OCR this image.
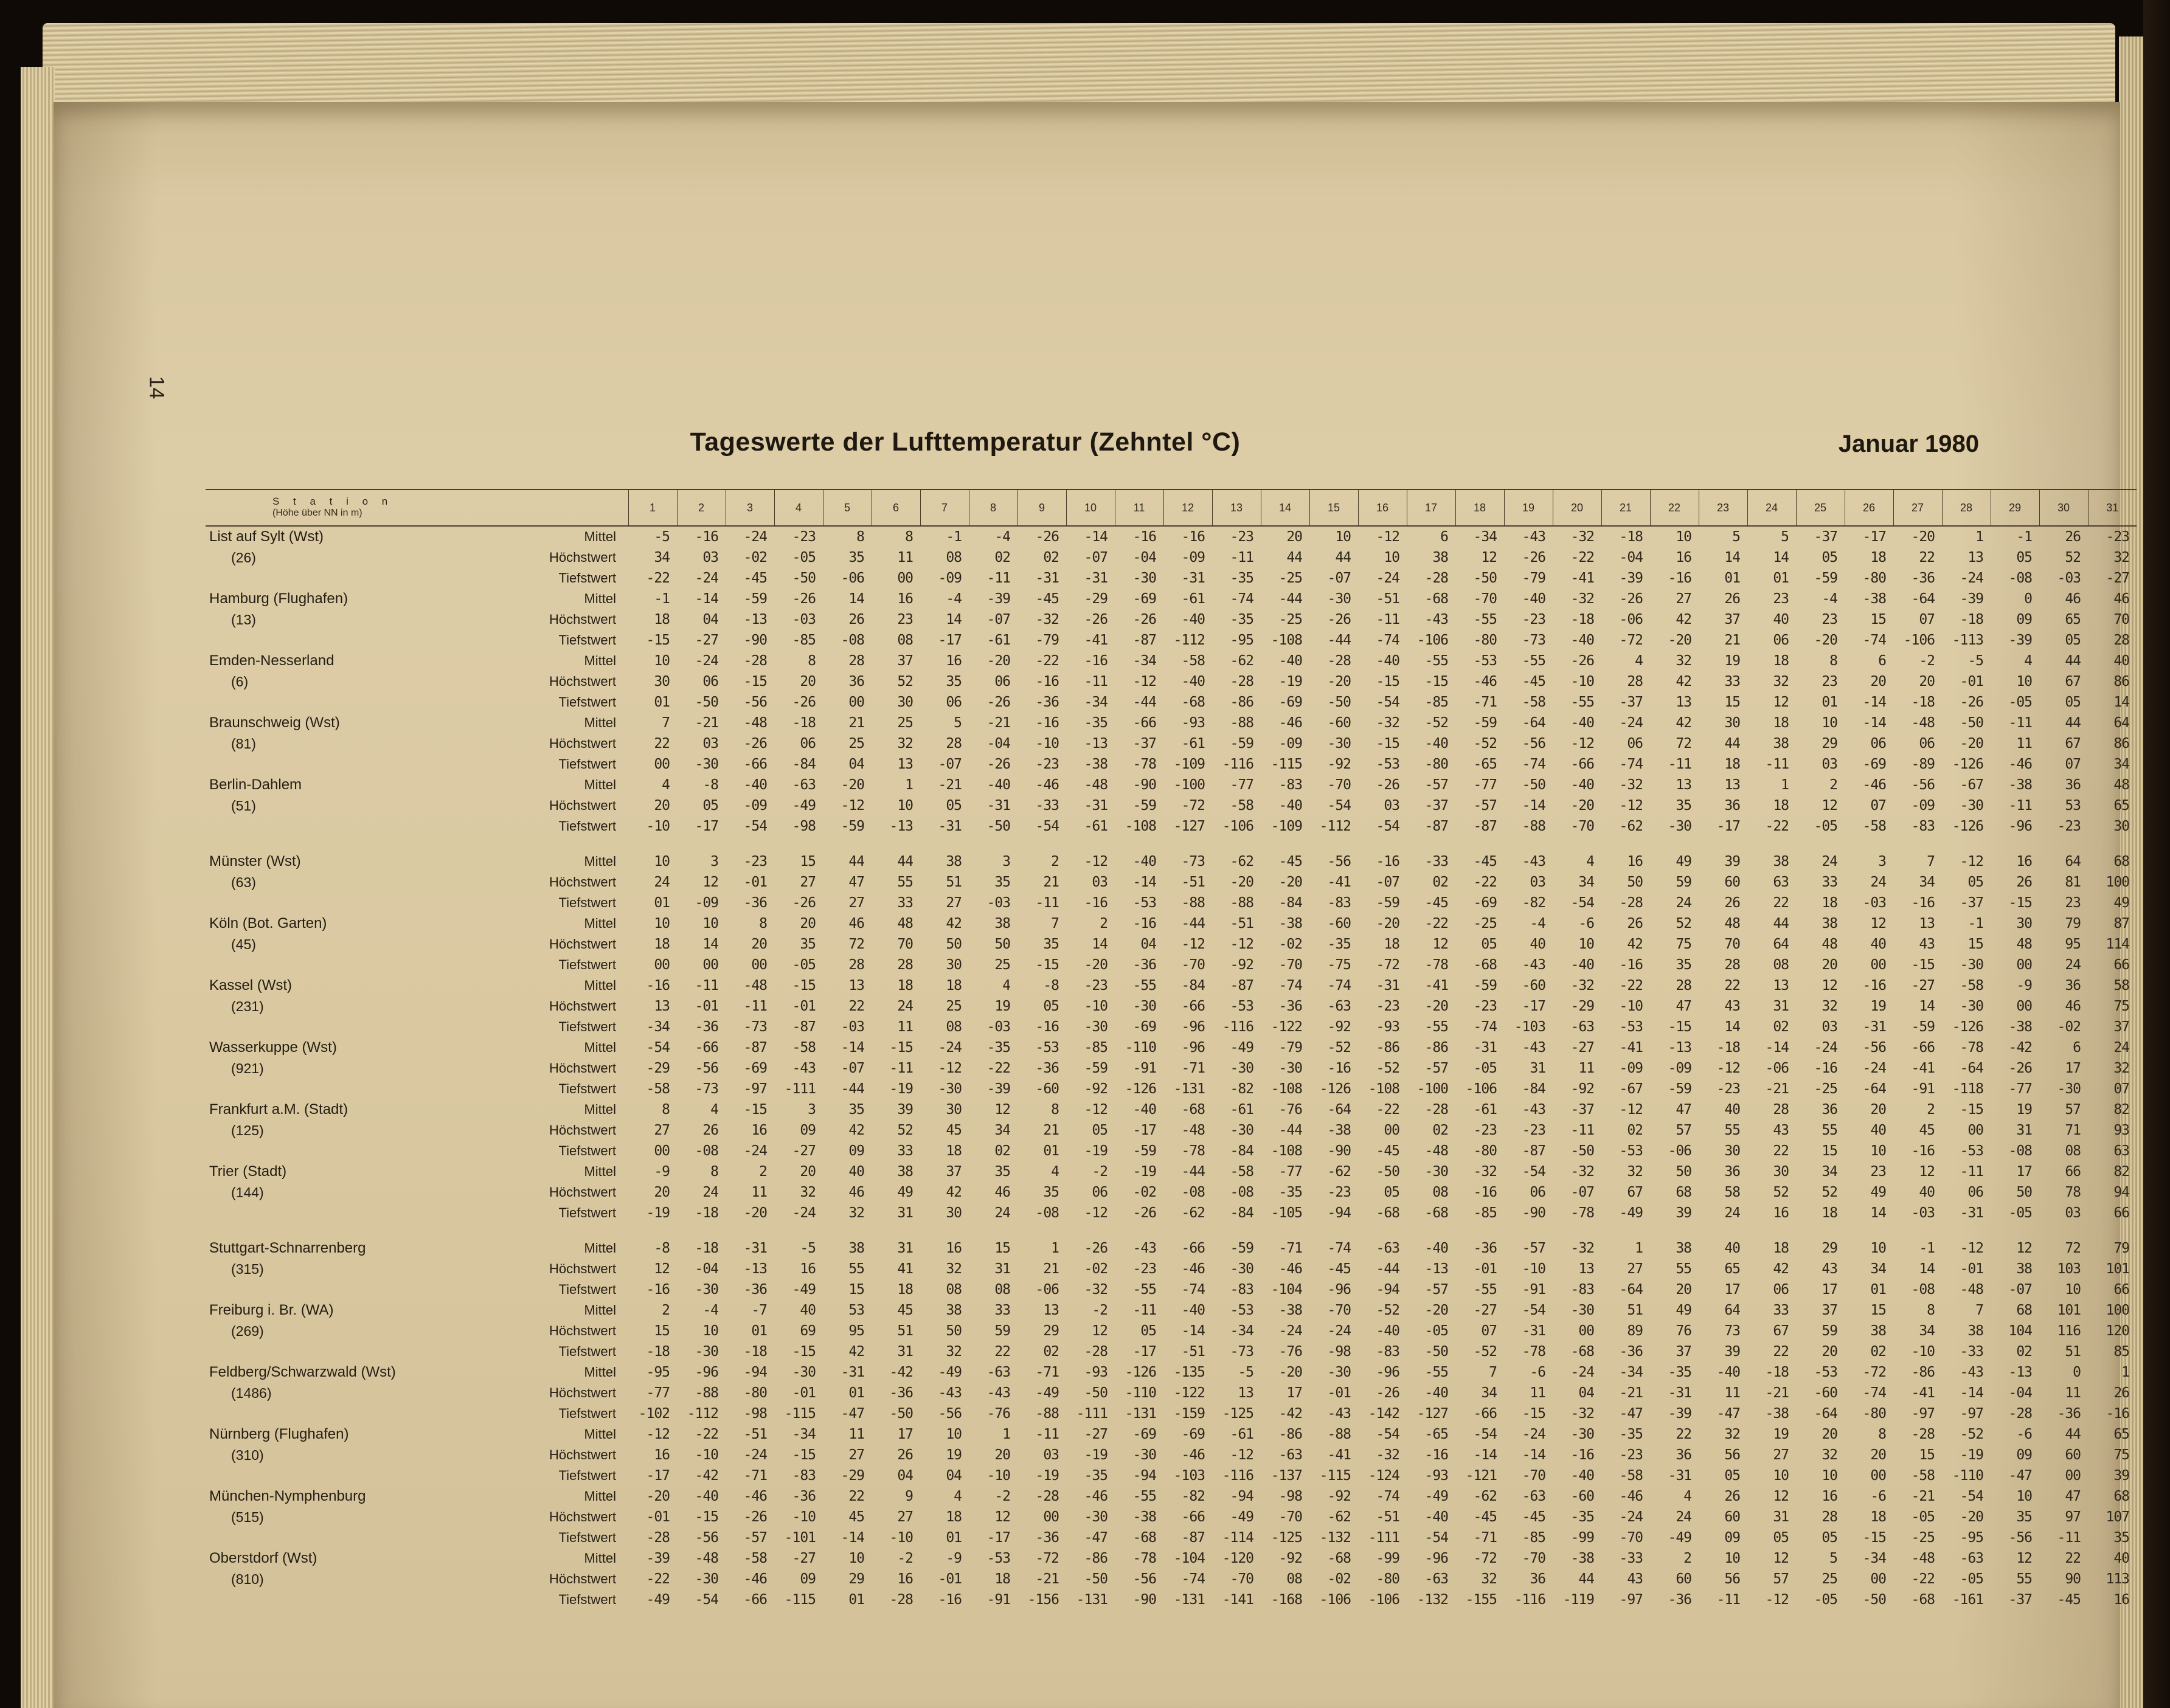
14
Tageswerte der Lufttemperatur (Zehntel °C)	Januar 1980
S t a t i o n
(Höhe über NN in m)		1	2	3	4	5	6	7	8	9	10	11	12	13	14	15	16	17	18	19	20	21	22	23	24	25	26	27	28	29	30	31

List auf Sylt (Wst)
(26)	Mittel	-5	-16	-24	-23	8	8	-1	-4	-26	-14	-16	-16	-23	20	10	-12	6	-34	-43	-32	-18	10	5	5	-37	-17	-20	1	-1	26	-23
	Höchstwert	34	03	-02	-05	35	11	08	02	02	-07	-04	-09	-11	44	44	10	38	12	-26	-22	-04	16	14	14	05	18	22	13	05	52	32
	Tiefstwert	-22	-24	-45	-50	-06	00	-09	-11	-31	-31	-30	-31	-35	-25	-07	-24	-28	-50	-79	-41	-39	-16	01	01	-59	-80	-36	-24	-08	-03	-27

Hamburg (Flughafen)
(13)	Mittel	-1	-14	-59	-26	14	16	-4	-39	-45	-29	-69	-61	-74	-44	-30	-51	-68	-70	-40	-32	-26	27	26	23	-4	-38	-64	-39	0	46	46
	Höchstwert	18	04	-13	-03	26	23	14	-07	-32	-26	-26	-40	-35	-25	-26	-11	-43	-55	-23	-18	-06	42	37	40	23	15	07	-18	09	65	70
	Tiefstwert	-15	-27	-90	-85	-08	08	-17	-61	-79	-41	-87	-112	-95	-108	-44	-74	-106	-80	-73	-40	-72	-20	21	06	-20	-74	-106	-113	-39	05	28

Emden-Nesserland
(6)	Mittel	10	-24	-28	8	28	37	16	-20	-22	-16	-34	-58	-62	-40	-28	-40	-55	-53	-55	-26	4	32	19	18	8	6	-2	-5	4	44	40
	Höchstwert	30	06	-15	20	36	52	35	06	-16	-11	-12	-40	-28	-19	-20	-15	-15	-46	-45	-10	28	42	33	32	23	20	20	-01	10	67	86
	Tiefstwert	01	-50	-56	-26	00	30	06	-26	-36	-34	-44	-68	-86	-69	-50	-54	-85	-71	-58	-55	-37	13	15	12	01	-14	-18	-26	-05	05	14

Braunschweig (Wst)
(81)	Mittel	7	-21	-48	-18	21	25	5	-21	-16	-35	-66	-93	-88	-46	-60	-32	-52	-59	-64	-40	-24	42	30	18	10	-14	-48	-50	-11	44	64
	Höchstwert	22	03	-26	06	25	32	28	-04	-10	-13	-37	-61	-59	-09	-30	-15	-40	-52	-56	-12	06	72	44	38	29	06	06	-20	11	67	86
	Tiefstwert	00	-30	-66	-84	04	13	-07	-26	-23	-38	-78	-109	-116	-115	-92	-53	-80	-65	-74	-66	-74	-11	18	-11	03	-69	-89	-126	-46	07	34

Berlin-Dahlem
(51)	Mittel	4	-8	-40	-63	-20	1	-21	-40	-46	-48	-90	-100	-77	-83	-70	-26	-57	-77	-50	-40	-32	13	13	1	2	-46	-56	-67	-38	36	48
	Höchstwert	20	05	-09	-49	-12	10	05	-31	-33	-31	-59	-72	-58	-40	-54	03	-37	-57	-14	-20	-12	35	36	18	12	07	-09	-30	-11	53	65
	Tiefstwert	-10	-17	-54	-98	-59	-13	-31	-50	-54	-61	-108	-127	-106	-109	-112	-54	-87	-87	-88	-70	-62	-30	-17	-22	-05	-58	-83	-126	-96	-23	30

Münster (Wst)
(63)	Mittel	10	3	-23	15	44	44	38	3	2	-12	-40	-73	-62	-45	-56	-16	-33	-45	-43	4	16	49	39	38	24	3	7	-12	16	64	68
	Höchstwert	24	12	-01	27	47	55	51	35	21	03	-14	-51	-20	-20	-41	-07	02	-22	03	34	50	59	60	63	33	24	34	05	26	81	100
	Tiefstwert	01	-09	-36	-26	27	33	27	-03	-11	-16	-53	-88	-88	-84	-83	-59	-45	-69	-82	-54	-28	24	26	22	18	-03	-16	-37	-15	23	49

Köln (Bot. Garten)
(45)	Mittel	10	10	8	20	46	48	42	38	7	2	-16	-44	-51	-38	-60	-20	-22	-25	-4	-6	26	52	48	44	38	12	13	-1	30	79	87
	Höchstwert	18	14	20	35	72	70	50	50	35	14	04	-12	-12	-02	-35	18	12	05	40	10	42	75	70	64	48	40	43	15	48	95	114
	Tiefstwert	00	00	00	-05	28	28	30	25	-15	-20	-36	-70	-92	-70	-75	-72	-78	-68	-43	-40	-16	35	28	08	20	00	-15	-30	00	24	66

Kassel (Wst)
(231)	Mittel	-16	-11	-48	-15	13	18	18	4	-8	-23	-55	-84	-87	-74	-74	-31	-41	-59	-60	-32	-22	28	22	13	12	-16	-27	-58	-9	36	58
	Höchstwert	13	-01	-11	-01	22	24	25	19	05	-10	-30	-66	-53	-36	-63	-23	-20	-23	-17	-29	-10	47	43	31	32	19	14	-30	00	46	75
	Tiefstwert	-34	-36	-73	-87	-03	11	08	-03	-16	-30	-69	-96	-116	-122	-92	-93	-55	-74	-103	-63	-53	-15	14	02	03	-31	-59	-126	-38	-02	37

Wasserkuppe (Wst)
(921)	Mittel	-54	-66	-87	-58	-14	-15	-24	-35	-53	-85	-110	-96	-49	-79	-52	-86	-86	-31	-43	-27	-41	-13	-18	-14	-24	-56	-66	-78	-42	6	24
	Höchstwert	-29	-56	-69	-43	-07	-11	-12	-22	-36	-59	-91	-71	-30	-30	-16	-52	-57	-05	31	11	-09	-09	-12	-06	-16	-24	-41	-64	-26	17	32
	Tiefstwert	-58	-73	-97	-111	-44	-19	-30	-39	-60	-92	-126	-131	-82	-108	-126	-108	-100	-106	-84	-92	-67	-59	-23	-21	-25	-64	-91	-118	-77	-30	07

Frankfurt a.M. (Stadt)
(125)	Mittel	8	4	-15	3	35	39	30	12	8	-12	-40	-68	-61	-76	-64	-22	-28	-61	-43	-37	-12	47	40	28	36	20	2	-15	19	57	82
	Höchstwert	27	26	16	09	42	52	45	34	21	05	-17	-48	-30	-44	-38	00	02	-23	-23	-11	02	57	55	43	55	40	45	00	31	71	93
	Tiefstwert	00	-08	-24	-27	09	33	18	02	01	-19	-59	-78	-84	-108	-90	-45	-48	-80	-87	-50	-53	-06	30	22	15	10	-16	-53	-08	08	63

Trier (Stadt)
(144)	Mittel	-9	8	2	20	40	38	37	35	4	-2	-19	-44	-58	-77	-62	-50	-30	-32	-54	-32	32	50	36	30	34	23	12	-11	17	66	82
	Höchstwert	20	24	11	32	46	49	42	46	35	06	-02	-08	-08	-35	-23	05	08	-16	06	-07	67	68	58	52	52	49	40	06	50	78	94
	Tiefstwert	-19	-18	-20	-24	32	31	30	24	-08	-12	-26	-62	-84	-105	-94	-68	-68	-85	-90	-78	-49	39	24	16	18	14	-03	-31	-05	03	66

Stuttgart-Schnarrenberg
(315)	Mittel	-8	-18	-31	-5	38	31	16	15	1	-26	-43	-66	-59	-71	-74	-63	-40	-36	-57	-32	1	38	40	18	29	10	-1	-12	12	72	79
	Höchstwert	12	-04	-13	16	55	41	32	31	21	-02	-23	-46	-30	-46	-45	-44	-13	-01	-10	13	27	55	65	42	43	34	14	-01	38	103	101
	Tiefstwert	-16	-30	-36	-49	15	18	08	08	-06	-32	-55	-74	-83	-104	-96	-94	-57	-55	-91	-83	-64	20	17	06	17	01	-08	-48	-07	10	66

Freiburg i. Br. (WA)
(269)	Mittel	2	-4	-7	40	53	45	38	33	13	-2	-11	-40	-53	-38	-70	-52	-20	-27	-54	-30	51	49	64	33	37	15	8	7	68	101	100
	Höchstwert	15	10	01	69	95	51	50	59	29	12	05	-14	-34	-24	-24	-40	-05	07	-31	00	89	76	73	67	59	38	34	38	104	116	120
	Tiefstwert	-18	-30	-18	-15	42	31	32	22	02	-28	-17	-51	-73	-76	-98	-83	-50	-52	-78	-68	-36	37	39	22	20	02	-10	-33	02	51	85

Feldberg/Schwarzwald (Wst)
(1486)	Mittel	-95	-96	-94	-30	-31	-42	-49	-63	-71	-93	-126	-135	-5	-20	-30	-96	-55	7	-6	-24	-34	-35	-40	-18	-53	-72	-86	-43	-13	0	1
	Höchstwert	-77	-88	-80	-01	01	-36	-43	-43	-49	-50	-110	-122	13	17	-01	-26	-40	34	11	04	-21	-31	11	-21	-60	-74	-41	-14	-04	11	26
	Tiefstwert	-102	-112	-98	-115	-47	-50	-56	-76	-88	-111	-131	-159	-125	-42	-43	-142	-127	-66	-15	-32	-47	-39	-47	-38	-64	-80	-97	-97	-28	-36	-16

Nürnberg (Flughafen)
(310)	Mittel	-12	-22	-51	-34	11	17	10	1	-11	-27	-69	-69	-61	-86	-88	-54	-65	-54	-24	-30	-35	22	32	19	20	8	-28	-52	-6	44	65
	Höchstwert	16	-10	-24	-15	27	26	19	20	03	-19	-30	-46	-12	-63	-41	-32	-16	-14	-14	-16	-23	36	56	27	32	20	15	-19	09	60	75
	Tiefstwert	-17	-42	-71	-83	-29	04	04	-10	-19	-35	-94	-103	-116	-137	-115	-124	-93	-121	-70	-40	-58	-31	05	10	10	00	-58	-110	-47	00	39

München-Nymphenburg
(515)	Mittel	-20	-40	-46	-36	22	9	4	-2	-28	-46	-55	-82	-94	-98	-92	-74	-49	-62	-63	-60	-46	4	26	12	16	-6	-21	-54	10	47	68
	Höchstwert	-01	-15	-26	-10	45	27	18	12	00	-30	-38	-66	-49	-70	-62	-51	-40	-45	-45	-35	-24	24	60	31	28	18	-05	-20	35	97	107
	Tiefstwert	-28	-56	-57	-101	-14	-10	01	-17	-36	-47	-68	-87	-114	-125	-132	-111	-54	-71	-85	-99	-70	-49	09	05	05	-15	-25	-95	-56	-11	35

Oberstdorf (Wst)
(810)	Mittel	-39	-48	-58	-27	10	-2	-9	-53	-72	-86	-78	-104	-120	-92	-68	-99	-96	-72	-70	-38	-33	2	10	12	5	-34	-48	-63	12	22	40
	Höchstwert	-22	-30	-46	09	29	16	-01	18	-21	-50	-56	-74	-70	08	-02	-80	-63	32	36	44	43	60	56	57	25	00	-22	-05	55	90	113
	Tiefstwert	-49	-54	-66	-115	01	-28	-16	-91	-156	-131	-90	-131	-141	-168	-106	-106	-132	-155	-116	-119	-97	-36	-11	-12	-05	-50	-68	-161	-37	-45	16
